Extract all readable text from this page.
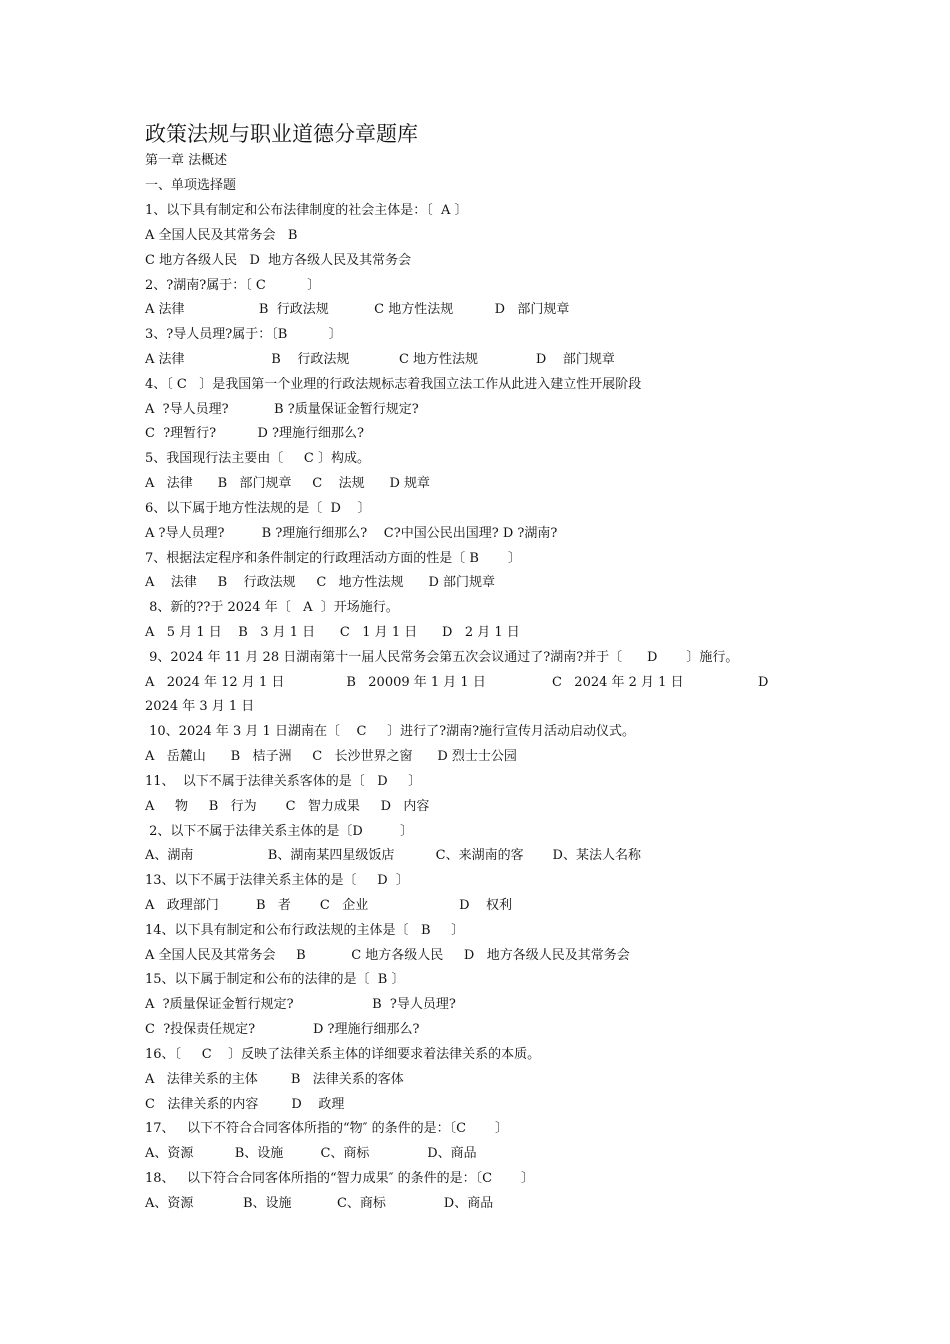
政策法规与职业道德分章题库
第一章 法概述
一、单项选择题
1、以下具有制定和公布法律制度的社会主体是：〔  A 〕
A 全国人民及其常务会   B
C 地方各级人民   D  地方各级人民及其常务会
2、?湖南?属于：〔 C          〕
A 法律                  B  行政法规           C 地方性法规          D   部门规章
3、?导人员理?属于：〔B          〕
A 法律                     B    行政法规            C 地方性法规              D    部门规章
4、〔 C   〕是我国第一个业理的行政法规标志着我国立法工作从此进入建立性开展阶段
A  ?导人员理?           B ?质量保证金暂行规定?
C  ?理暂行?          D ?理施行细那么?
5、我国现行法主要由〔     C 〕构成。
A   法律      B   部门规章     C    法规      D 规章
6、以下属于地方性法规的是〔  D    〕
A ?导人员理?         B ?理施行细那么?    C?中国公民出国理? D ?湖南?
7、根据法定程序和条件制定的行政理活动方面的性是〔 B       〕
A    法律     B    行政法规     C   地方性法规      D 部门规章
8、新的??于 2024 年〔   A  〕开场施行。
A   5 月 1 日    B   3 月 1 日      C   1 月 1 日      D   2 月 1 日
9、2024 年 11 月 28 日湖南第十一届人民常务会第五次会议通过了?湖南?并于〔      D       〕施行。
A   2024 年 12 月 1 日               B   20009 年 1 月 1 日                C   2024 年 2 月 1 日                  D
2024 年 3 月 1 日
10、2024 年 3 月 1 日湖南在〔    C     〕进行了?湖南?施行宣传月活动启动仪式。
A   岳麓山      B   桔子洲     C   长沙世界之窗      D 烈士士公园
11、  以下不属于法律关系客体的是〔   D     〕
A     物     B   行为       C   智力成果     D   内容
2、以下不属于法律关系主体的是〔D         〕
A、湖南                  B、湖南某四星级饭店          C、来湖南的客       D、某法人名称
13、以下不属于法律关系主体的是〔     D  〕
A   政理部门         B   者       C   企业                      D    权利
14、以下具有制定和公布行政法规的主体是〔   B     〕
A 全国人民及其常务会     B           C 地方各级人民     D   地方各级人民及其常务会
15、以下属于制定和公布的法律的是〔  B 〕
A  ?质量保证金暂行规定?                   B  ?导人员理?
C  ?投保责任规定?              D ?理施行细那么?
16、〔     C    〕反映了法律关系主体的详细要求着法律关系的本质。
A   法律关系的主体        B   法律关系的客体
C   法律关系的内容        D    政理
17、   以下不符合合同客体所指的“物″ 的条件的是：〔C       〕
A、资源          B、设施         C、商标              D、商品
18、   以下符合合同客体所指的“智力成果″ 的条件的是：〔C       〕
A、资源            B、设施           C、商标              D、商品
